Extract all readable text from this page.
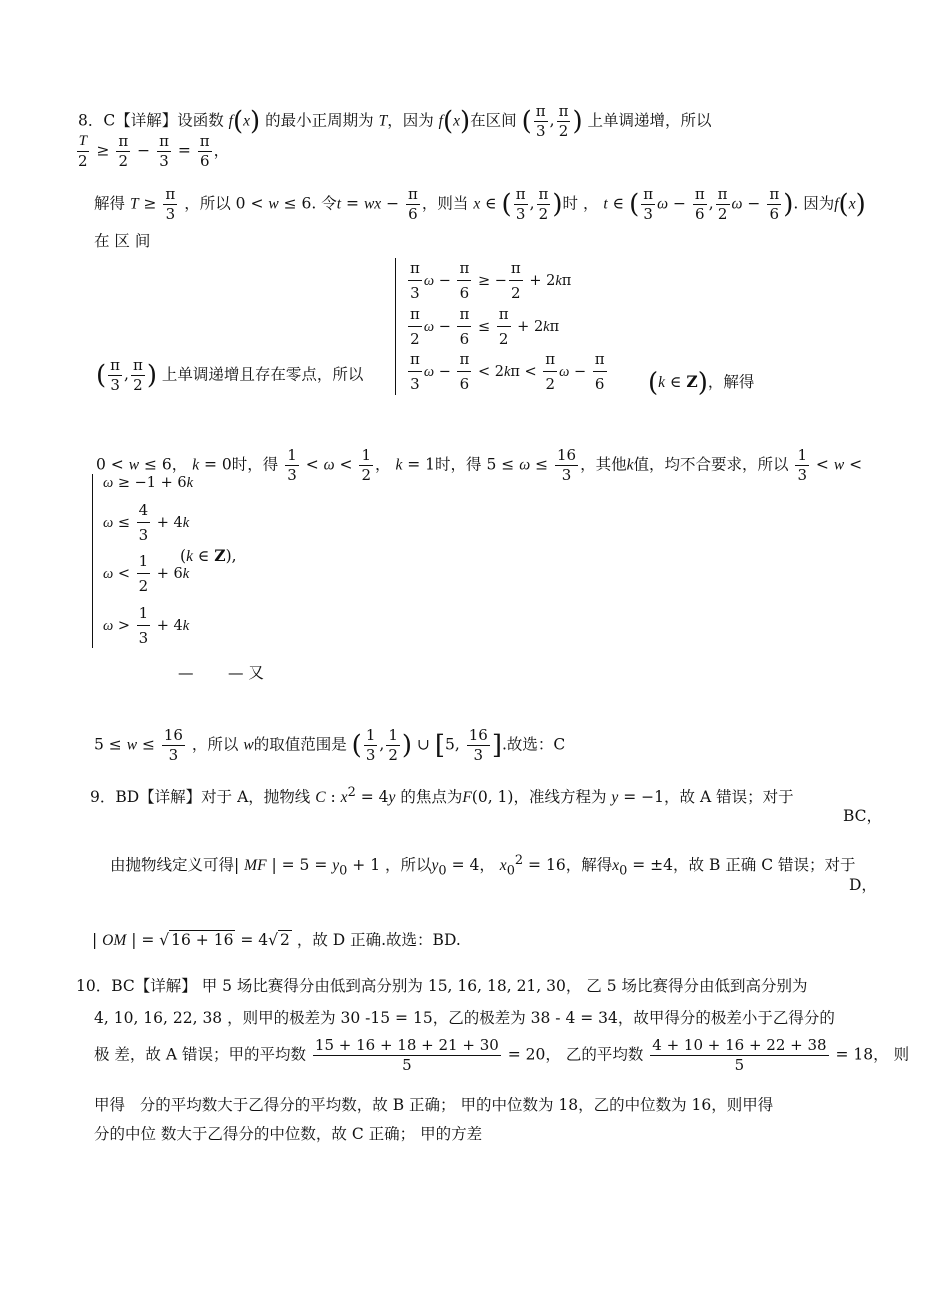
8．C【详解】设函数 f(x) 的最小正周期为 T，因为 f(x)在区间 ( $\frac{\pi}{3}$ , $\frac{\pi}{2}$ ) 上单调递增，所以
$\frac{T}{2} \ge \frac{\pi}{2} - \frac{\pi}{3} = \frac{\pi}{6}$ ，
解得 $T \ge \frac{\pi}{3}$ ，所以 0 < w ≤ 6. 令t = wx − $\frac{\pi}{6}$ ，则当 x ∈ ( $\frac{\pi}{3}$ , $\frac{\pi}{2}$ )时 ， t ∈ ( $\frac{\pi}{3}$ $\omega - \frac{\pi}{6}$ , $\frac{\pi}{2}$ $\omega - \frac{\pi}{6}$ ). 因为f(x)
在 区 间
( $\frac{\pi}{3}$ , $\frac{\pi}{2}$ ) 上单调递增且存在零点，所以
$\frac{\pi}{3}$ $\omega - \frac{\pi}{6}$ ≥ − $\frac{\pi}{2} + 2k\pi$
$\frac{\pi}{2}$ $\omega - \frac{\pi}{6} \le \frac{\pi}{2} + 2k\pi$
$\frac{\pi}{3}$ $\omega - \frac{\pi}{6} < 2k\pi < \frac{\pi}{2}$ $\omega - \frac{\pi}{6} (k$ ∈ Z)，解得
0 < w ≤ 6， k = 0时，得 $\frac{1}{3} < \omega < \frac{1}{2}$ ， k = 1时，得 $5 \le \omega \le \frac{16}{3}$ ，其他k值，均不合要求，所以 $\frac{1}{3} < w$ <
ω ≥ −1 + 6k
$\omega \le \frac{4}{3} + 4k$
$\omega < \frac{1}{2} + 6k$
$\omega > \frac{1}{3} + 4k$
(k ∈ Z),
—       — 又
$5 \le w \le \frac{16}{3}$ ，所以 w的取值范围是 ( $\frac{1}{3}$ , $\frac{1}{2}$ ) ∪ [5, $\frac{16}{3}$ ].故选：C
9．BD【详解】对于 A，抛物线 C : $x^2 = 4y$ 的焦点为F(0, 1)，准线方程为 y = −1，故 A 错误；对于
BC，
由抛物线定义可得| MF | = $5 = y_0 + 1$ ，所以$y_0 = 4$， $x_0^2 = 16$，解得$x_0 = \pm 4$，故 B 正确 C 错误；对于
D，
| OM | = √ 16 + 16 = 4√ 2 ，故 D 正确.故选：BD.
10．BC【详解】 甲 5 场比赛得分由低到高分别为 15, 16, 18, 21, 30， 乙 5 场比赛得分由低到高分别为
4, 10, 16, 22, 38 ，则甲的极差为 30 -15 = 15，乙的极差为 38 - 4 = 34，故甲得分的极差小于乙得分的
极 差，故 A 错误；甲的平均数 $\frac{15 + 16 + 18 + 21 + 30}{5} = 20$， 乙的平均数 $\frac{4 + 10 + 16 + 22 + 38}{5} = 18$， 则
甲得 分的平均数大于乙得分的平均数，故 B 正确； 甲的中位数为 18，乙的中位数为 16，则甲得
分的中位 数大于乙得分的中位数，故 C 正确； 甲的方差
